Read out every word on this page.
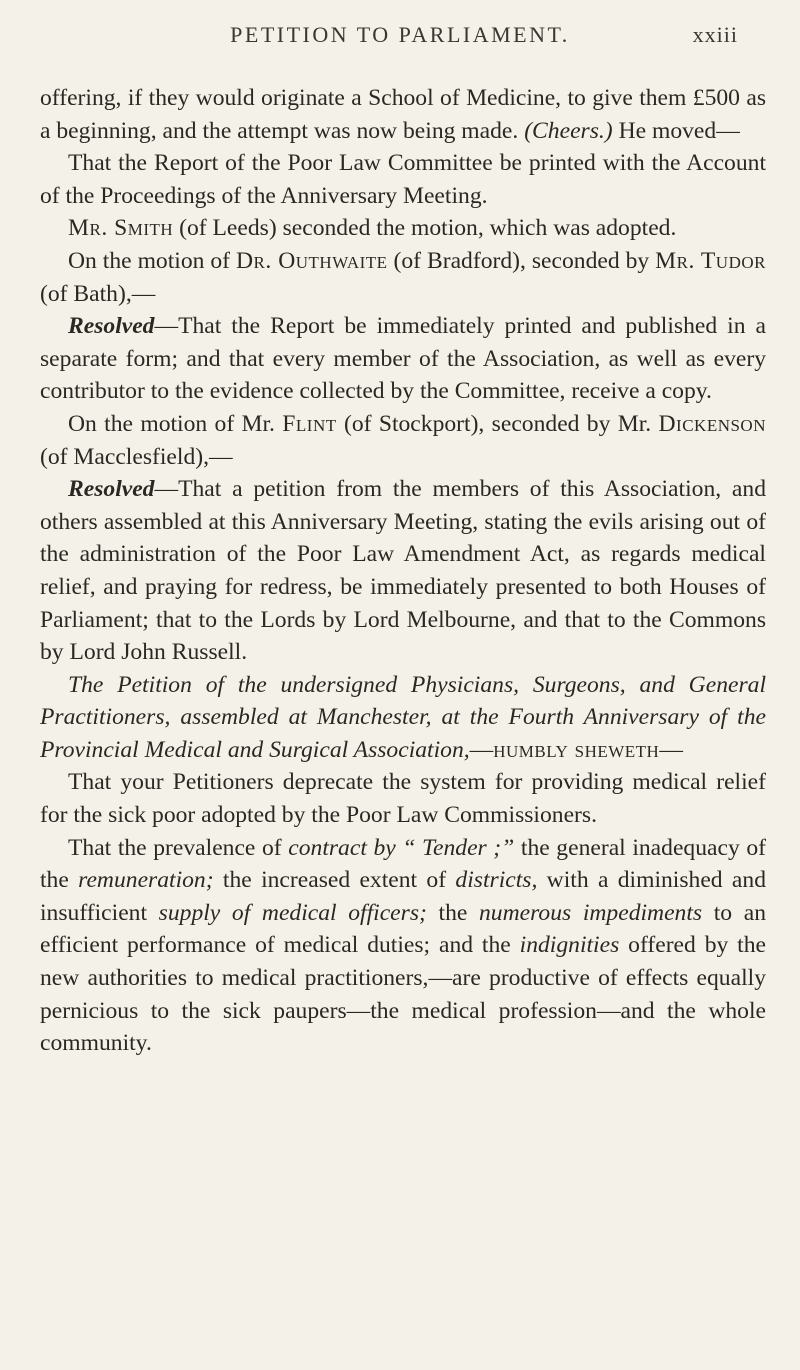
PETITION TO PARLIAMENT.	xxiii

offering, if they would originate a School of Medicine, to give them £500 as a beginning, and the attempt was now being made. (Cheers.) He moved—

That the Report of the Poor Law Committee be printed with the Account of the Proceedings of the Anniversary Meeting.

Mr. Smith (of Leeds) seconded the motion, which was adopted.

On the motion of Dr. Outhwaite (of Bradford), seconded by Mr. Tudor (of Bath),—

Resolved—That the Report be immediately printed and published in a separate form; and that every member of the Association, as well as every contributor to the evidence collected by the Committee, receive a copy.

On the motion of Mr. Flint (of Stockport), seconded by Mr. Dickenson (of Macclesfield),—

Resolved—That a petition from the members of this Association, and others assembled at this Anniversary Meeting, stating the evils arising out of the administration of the Poor Law Amendment Act, as regards medical relief, and praying for redress, be immediately presented to both Houses of Parliament; that to the Lords by Lord Melbourne, and that to the Commons by Lord John Russell.

The Petition of the undersigned Physicians, Surgeons, and General Practitioners, assembled at Manchester, at the Fourth Anniversary of the Provincial Medical and Surgical Association,—humbly sheweth—

That your Petitioners deprecate the system for providing medical relief for the sick poor adopted by the Poor Law Commissioners.

That the prevalence of contract by “ Tender ;” the general inadequacy of the remuneration; the increased extent of districts, with a diminished and insufficient supply of medical officers; the numerous impediments to an efficient performance of medical duties; and the indignities offered by the new authorities to medical practitioners,—are productive of effects equally pernicious to the sick paupers—the medical profession—and the whole community.
